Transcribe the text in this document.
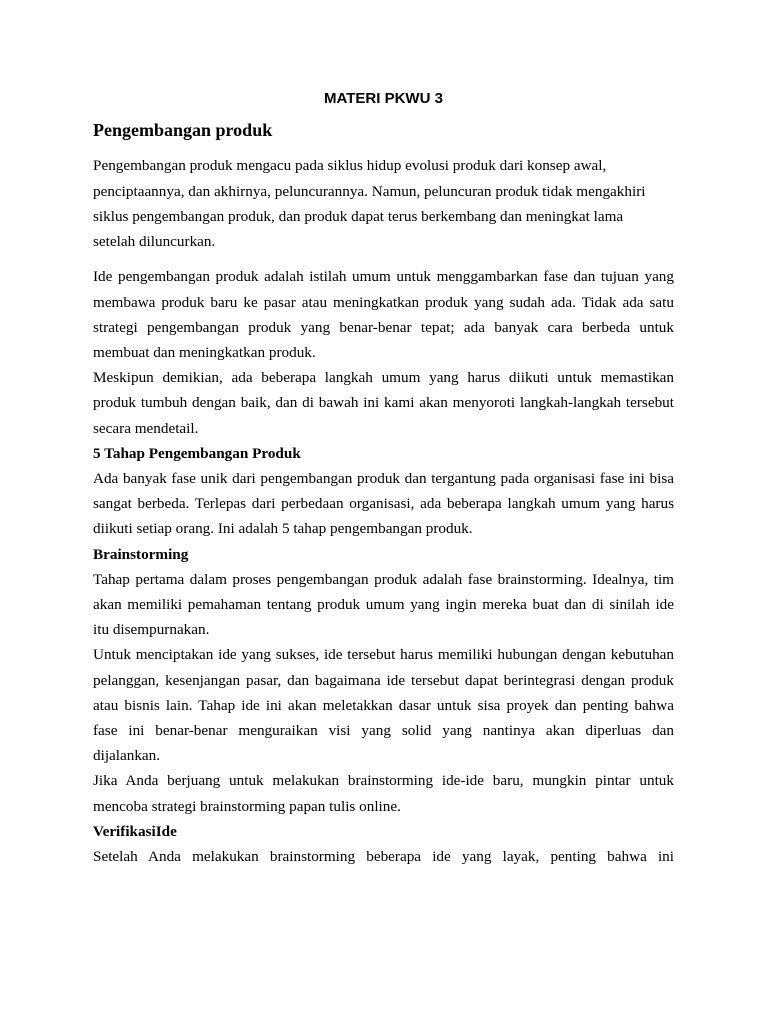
MATERI PKWU 3
Pengembangan produk
Pengembangan produk mengacu pada siklus hidup evolusi produk dari konsep awal,
penciptaannya, dan akhirnya, peluncurannya. Namun, peluncuran produk tidak mengakhiri
siklus pengembangan produk, dan produk dapat terus berkembang dan meningkat lama
setelah diluncurkan.
Ide pengembangan produk adalah istilah umum untuk menggambarkan fase dan tujuan yang
membawa produk baru ke pasar atau meningkatkan produk yang sudah ada. Tidak ada satu
strategi pengembangan produk yang benar-benar tepat; ada banyak cara berbeda untuk
membuat dan meningkatkan produk.
Meskipun demikian, ada beberapa langkah umum yang harus diikuti untuk memastikan
produk tumbuh dengan baik, dan di bawah ini kami akan menyoroti langkah-langkah tersebut
secara mendetail.
5 Tahap Pengembangan Produk
Ada banyak fase unik dari pengembangan produk dan tergantung pada organisasi fase ini bisa
sangat berbeda. Terlepas dari perbedaan organisasi, ada beberapa langkah umum yang harus
diikuti setiap orang. Ini adalah 5 tahap pengembangan produk.
Brainstorming
Tahap pertama dalam proses pengembangan produk adalah fase brainstorming. Idealnya, tim
akan memiliki pemahaman tentang produk umum yang ingin mereka buat dan di sinilah ide
itu disempurnakan.
Untuk menciptakan ide yang sukses, ide tersebut harus memiliki hubungan dengan kebutuhan
pelanggan, kesenjangan pasar, dan bagaimana ide tersebut dapat berintegrasi dengan produk
atau bisnis lain. Tahap ide ini akan meletakkan dasar untuk sisa proyek dan penting bahwa
fase ini benar-benar menguraikan visi yang solid yang nantinya akan diperluas dan
dijalankan.
Jika Anda berjuang untuk melakukan brainstorming ide-ide baru, mungkin pintar untuk
mencoba strategi brainstorming papan tulis online.
VerifikasiIde
Setelah Anda melakukan brainstorming beberapa ide yang layak, penting bahwa ini
